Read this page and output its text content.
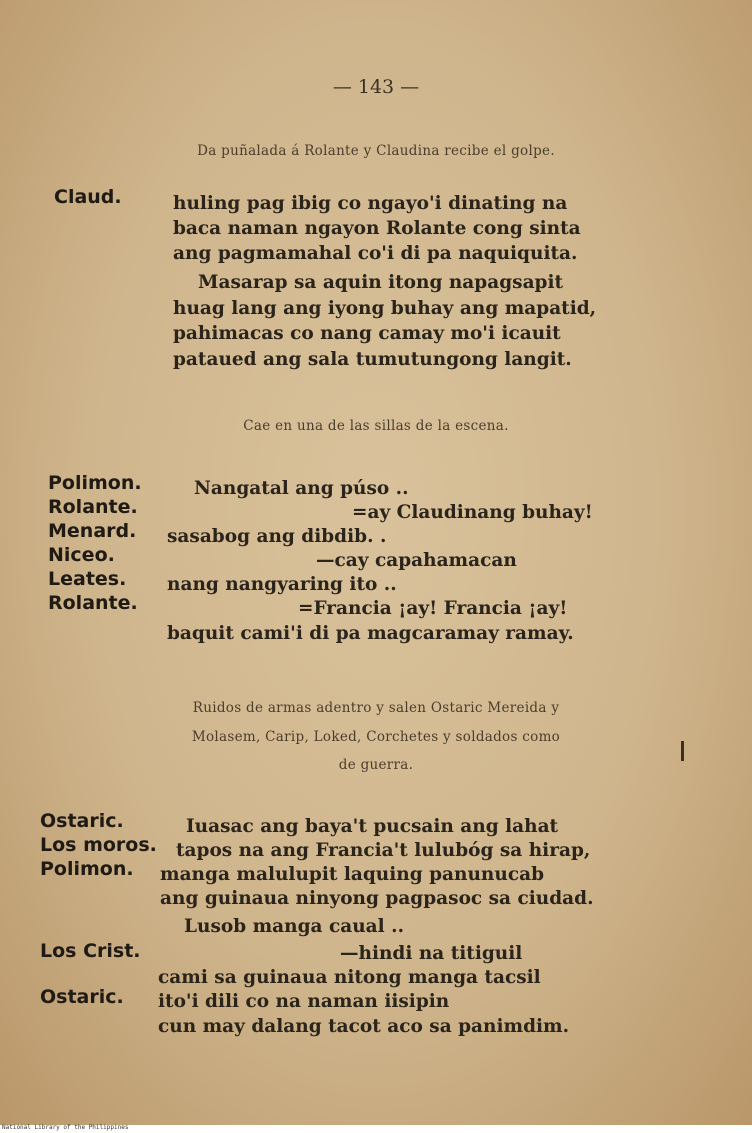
— 143 —
Da puñalada á Rolante y Claudina recibe el golpe.
Claud.	huling pag ibig co ngayo'i dinating na
baca naman ngayon Rolante cong sinta
ang pagmamahal co'i di pa naquiquita.
Masarap sa aquin itong napagsapit
huag lang ang iyong buhay ang mapatid,
pahimacas co nang camay mo'i icauit
pataued ang sala tumutungong langit.
Cae en una de las sillas de la escena.
Polimon.
Rolante.
Menard.
Niceo.
Leates.
Rolante.
Nangatal ang púso ..
=ay Claudinang buhay!
sasabog ang dibdib. .
—cay capahamacan
nang nangyaring ito ..
=Francia ¡ay! Francia ¡ay!
baquit cami'i di pa magcaramay ramay.
Ruidos de armas adentro y salen Ostaric Mereida y
Molasem, Carip, Loked, Corchetes y soldados como
de guerra.
Ostaric.
Los moros.
Polimon.
Los Crist.
Ostaric.
Iuasac ang baya't pucsain ang lahat
tapos na ang Francia't lulubóg sa hirap,
manga malulupit laquing panunucab
ang guinaua ninyong pagpasoc sa ciudad.
Lusob manga caual ..
—hindi na titiguil
cami sa guinaua nitong manga tacsil
ito'i dili co na naman iisipin
cun may dalang tacot aco sa panimdim.
National Library of the Philippines
